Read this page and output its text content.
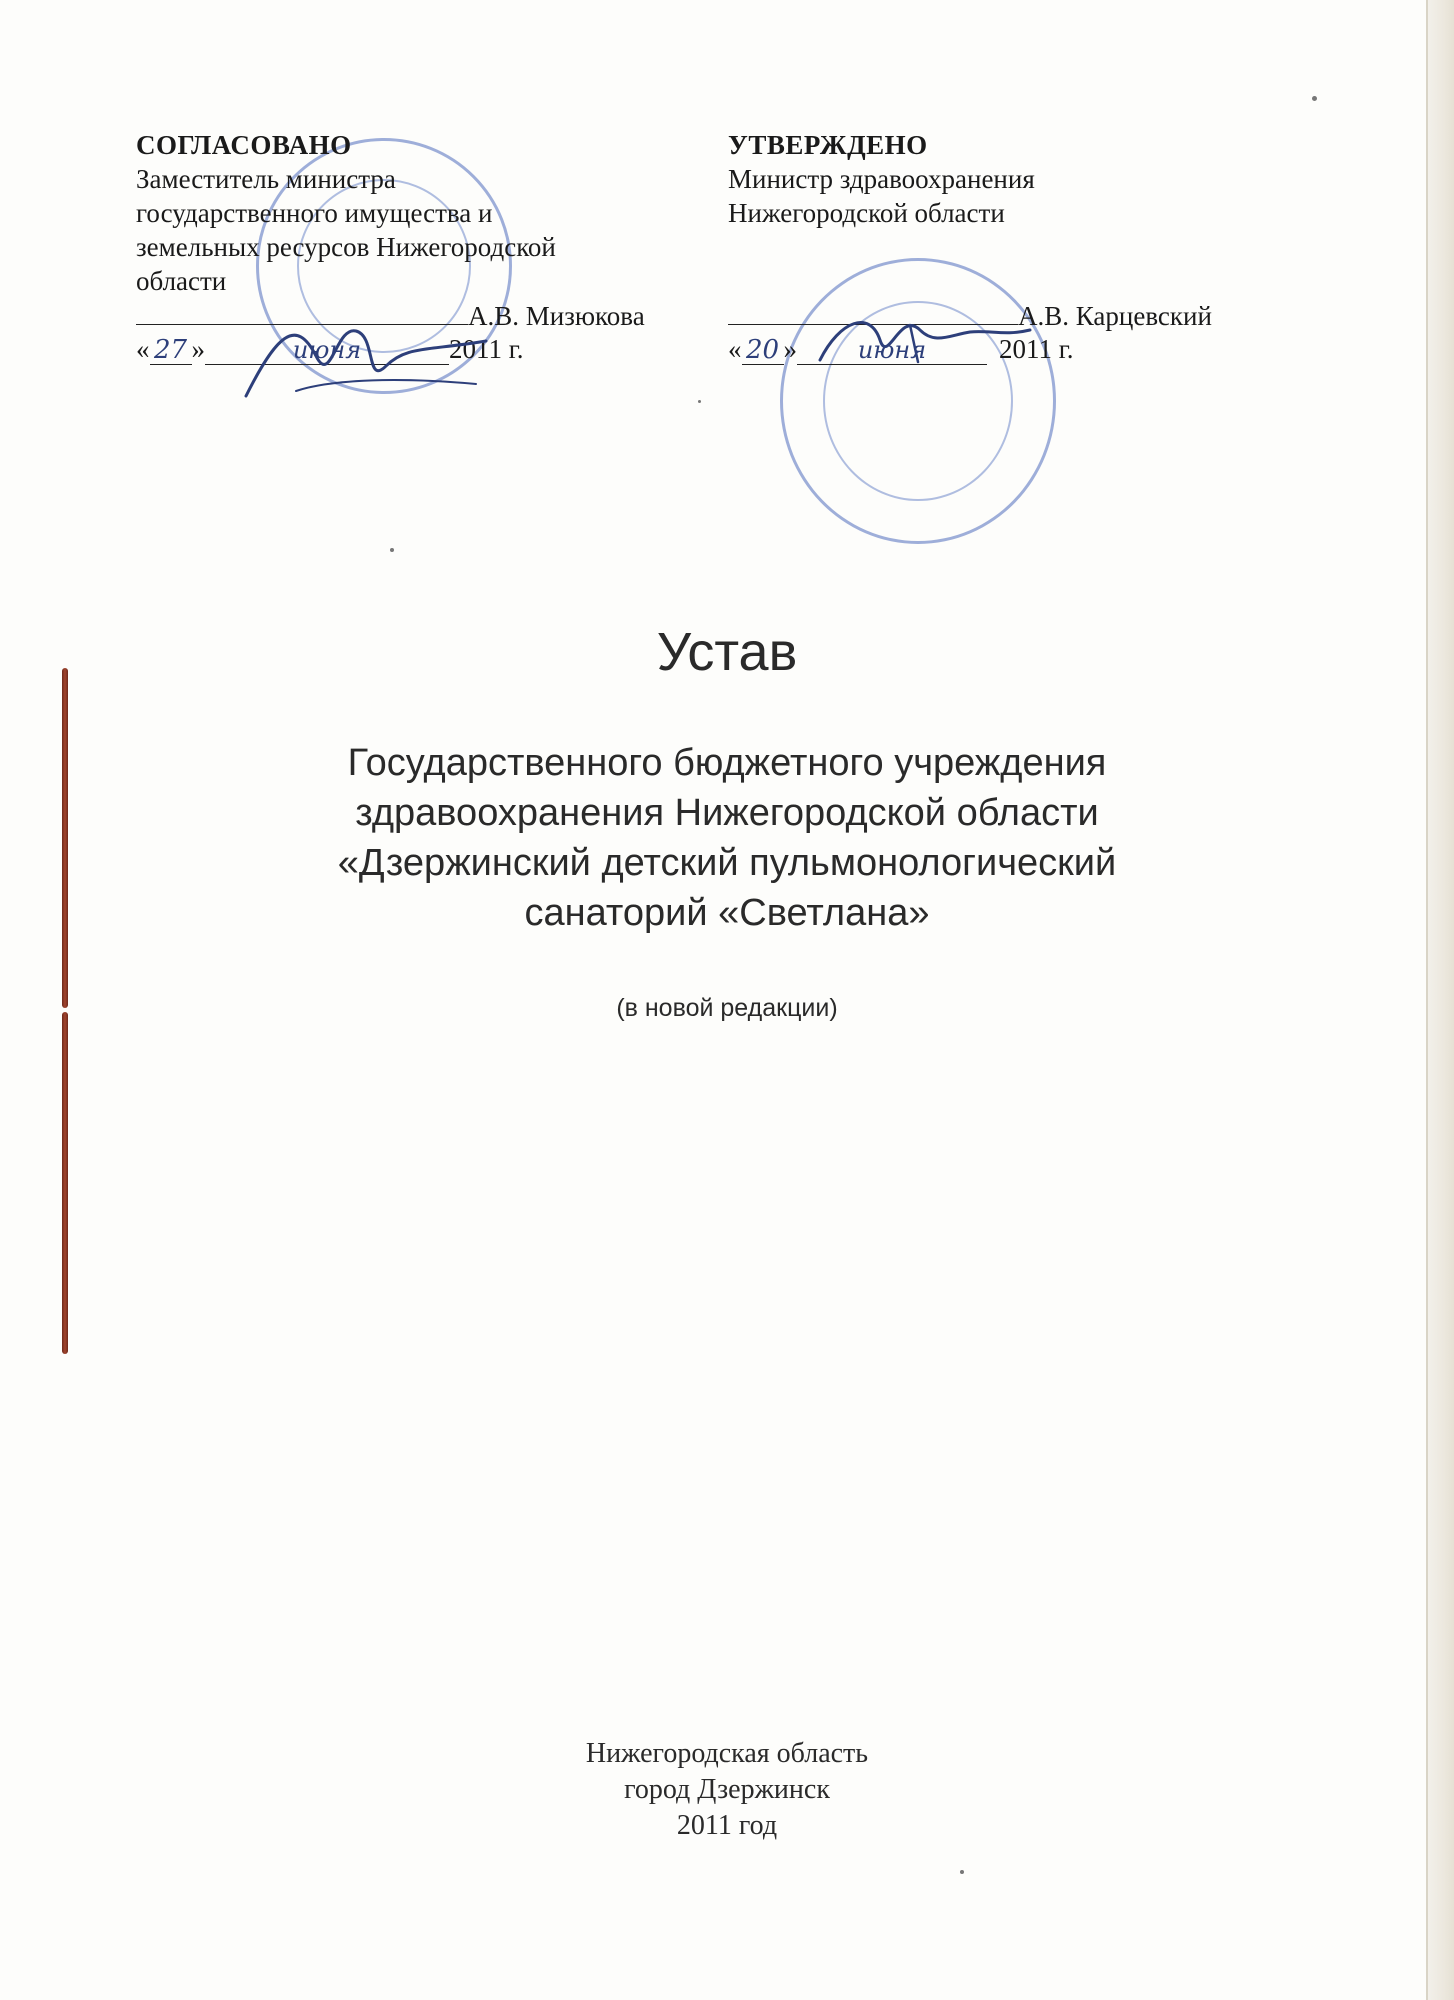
СОГЛАСОВАНО
Заместитель министра
государственного имущества и
земельных ресурсов Нижегородской
области
А.В. Мизюкова
« 27 »	июня	2011 г.
УТВЕРЖДЕНО
Министр здравоохранения
Нижегородской области

А.В. Карцевский
« 20 »	июня	2011 г.
Устав
Государственного бюджетного учреждения
здравоохранения Нижегородской области
«Дзержинский детский пульмонологический
санаторий «Светлана»
(в новой редакции)
Нижегородская область
город Дзержинск
2011 год
